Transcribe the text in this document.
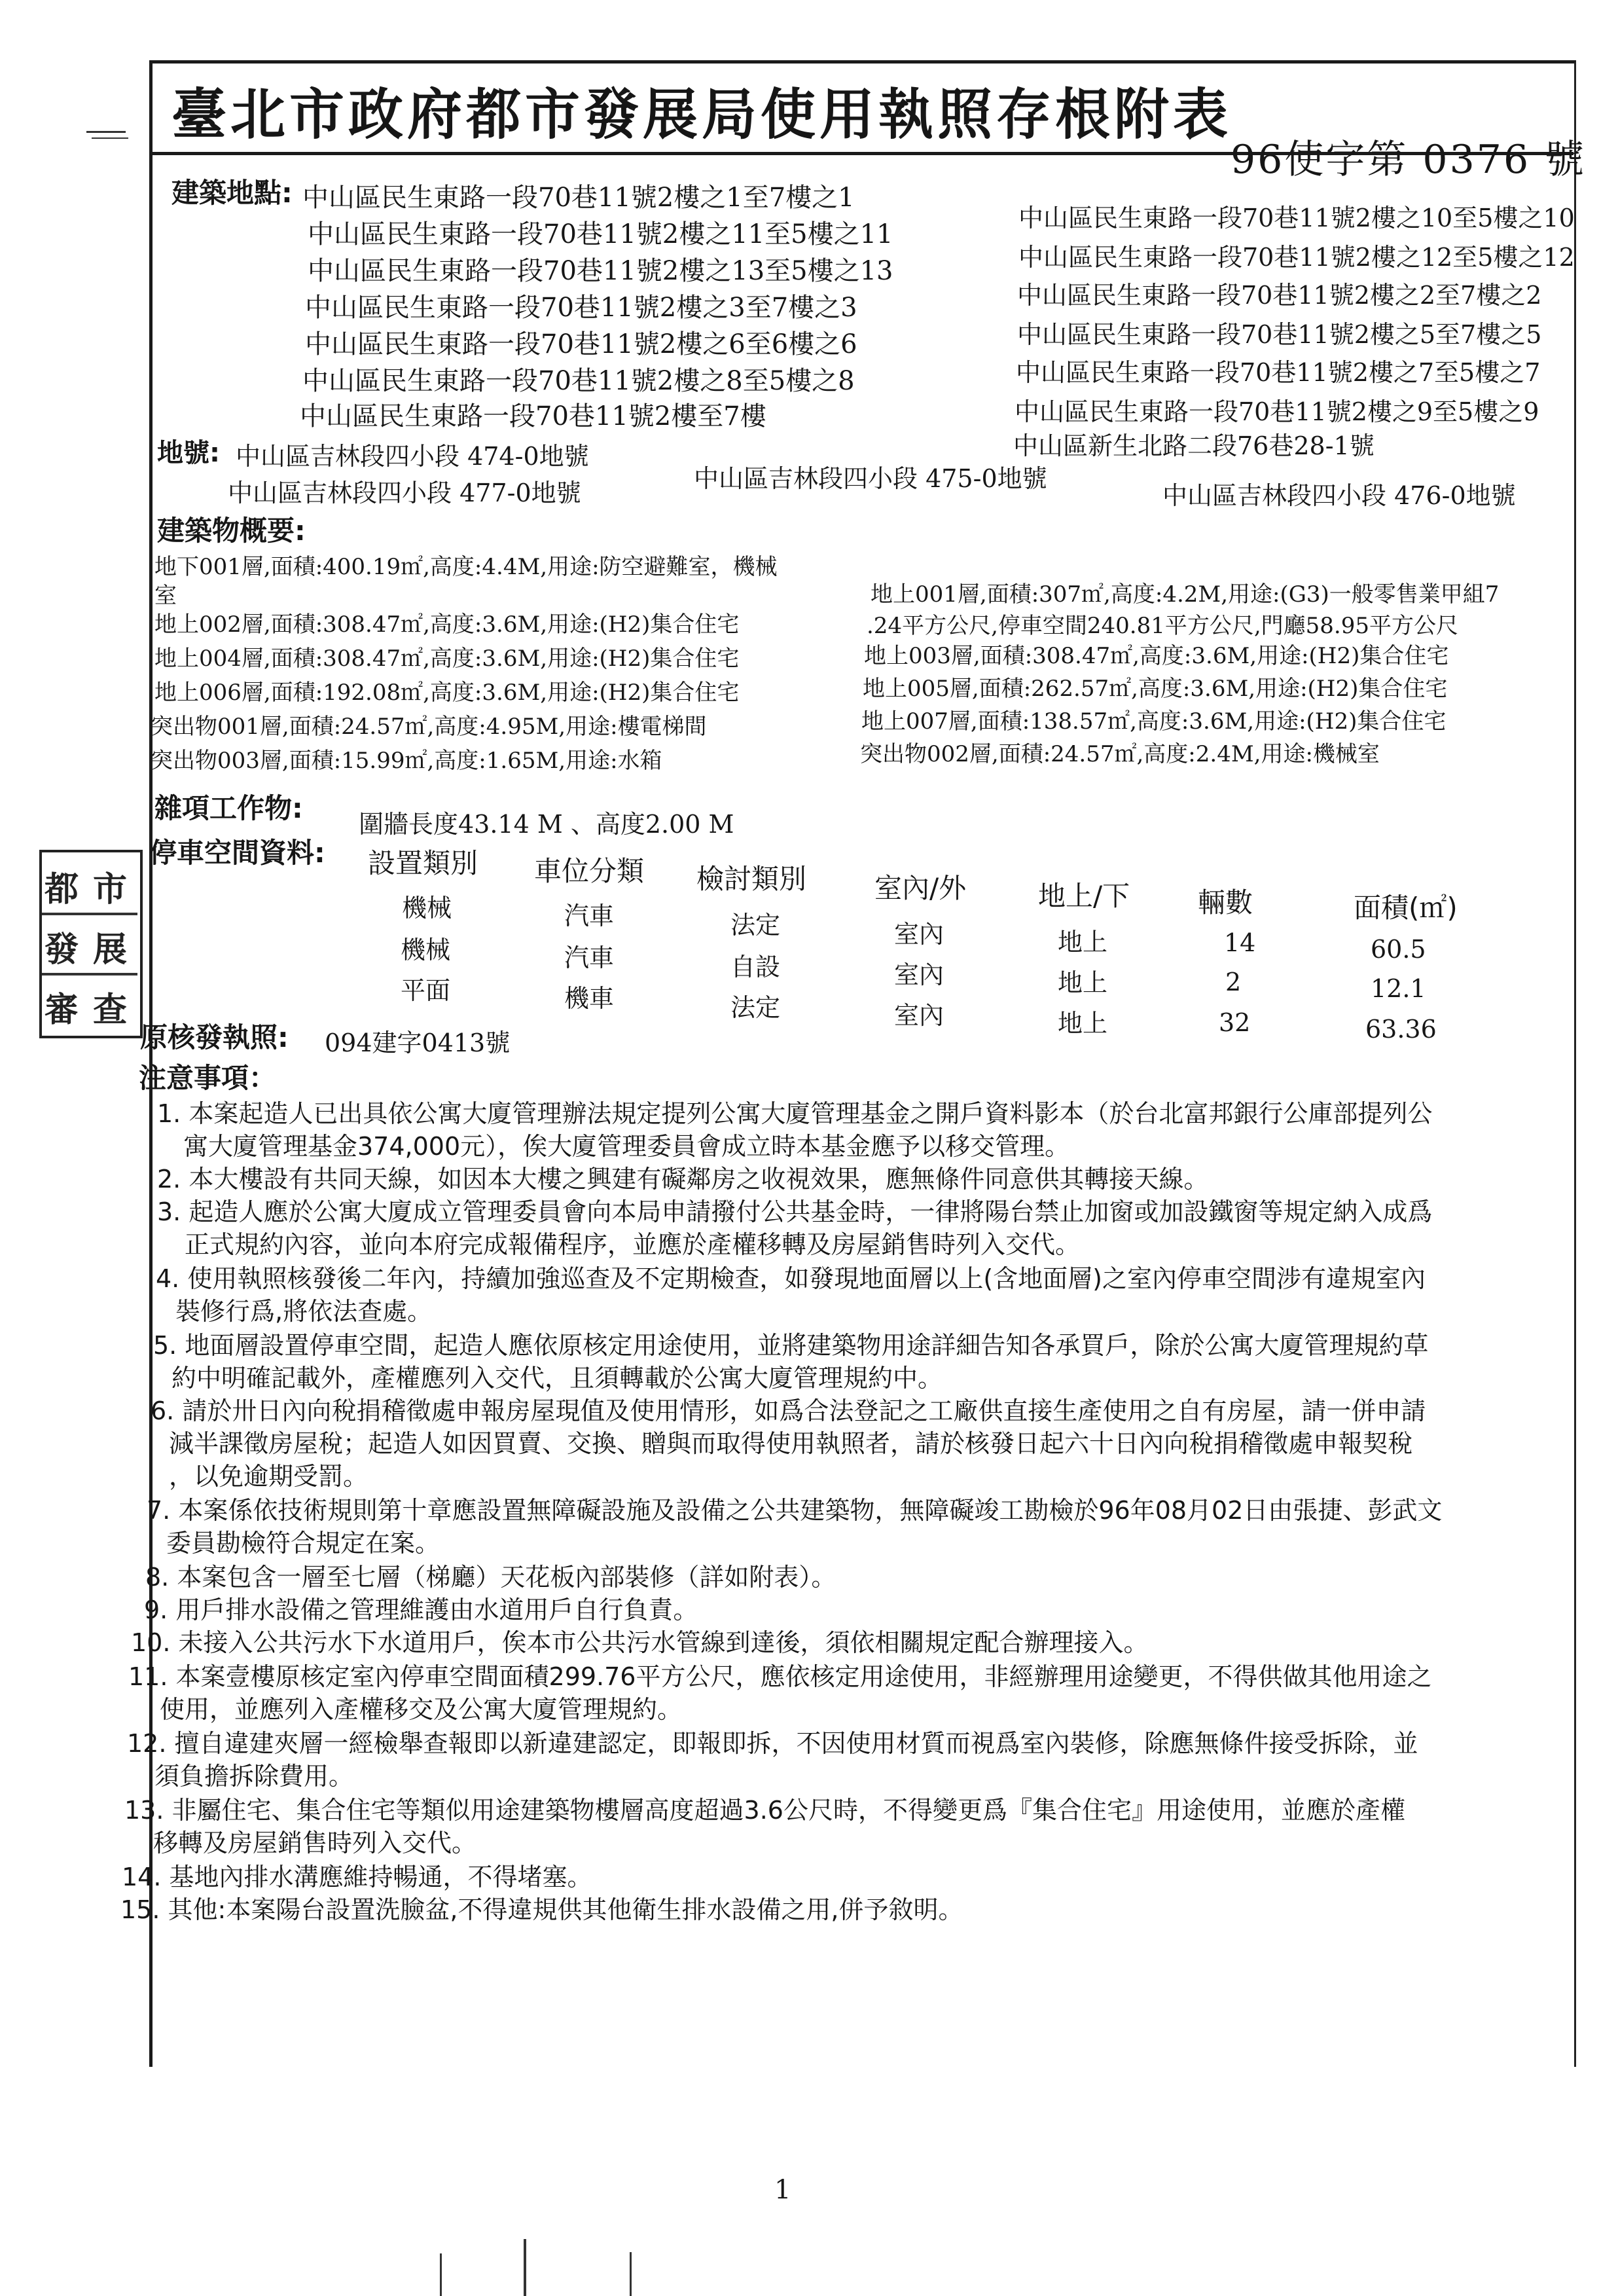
臺北市政府都市發展局使用執照存根附表
96使字第 0376 號
建築地點: 中山區民生東路一段70巷11號2樓之1至7樓之1
中山區民生東路一段70巷11號2樓之11至5樓之11
中山區民生東路一段70巷11號2樓之13至5樓之13
中山區民生東路一段70巷11號2樓之3至7樓之3
中山區民生東路一段70巷11號2樓之6至6樓之6
中山區民生東路一段70巷11號2樓之8至5樓之8
中山區民生東路一段70巷11號2樓至7樓
中山區民生東路一段70巷11號2樓之10至5樓之10
中山區民生東路一段70巷11號2樓之12至5樓之12
中山區民生東路一段70巷11號2樓之2至7樓之2
中山區民生東路一段70巷11號2樓之5至7樓之5
中山區民生東路一段70巷11號2樓之7至5樓之7
中山區民生東路一段70巷11號2樓之9至5樓之9
中山區新生北路二段76巷28-1號
地號: 中山區吉林段四小段 474-0地號
中山區吉林段四小段 475-0地號
中山區吉林段四小段 477-0地號	中山區吉林段四小段 476-0地號
建築物概要:
地下001層,面積:400.19㎡,高度:4.4M,用途:防空避難室，機械
室
地上002層,面積:308.47㎡,高度:3.6M,用途:(H2)集合住宅
地上004層,面積:308.47㎡,高度:3.6M,用途:(H2)集合住宅
地上006層,面積:192.08㎡,高度:3.6M,用途:(H2)集合住宅
突出物001層,面積:24.57㎡,高度:4.95M,用途:樓電梯間
突出物003層,面積:15.99㎡,高度:1.65M,用途:水箱
地上001層,面積:307㎡,高度:4.2M,用途:(G3)一般零售業甲組7
.24平方公尺,停車空間240.81平方公尺,門廳58.95平方公尺
地上003層,面積:308.47㎡,高度:3.6M,用途:(H2)集合住宅
地上005層,面積:262.57㎡,高度:3.6M,用途:(H2)集合住宅
地上007層,面積:138.57㎡,高度:3.6M,用途:(H2)集合住宅
突出物002層,面積:24.57㎡,高度:2.4M,用途:機械室
雜項工作物: 圍牆長度43.14 M 、高度2.00 M
停車空間資料: 設置類別 車位分類 檢討類別 室內/外	地上/下 輛數	面積(㎡)
機械	汽車	法定	室內	地上	14	60.5
機械	汽車	自設	室內	地上	2	12.1
平面	機車	法定	室內	地上	32	63.36
都 市
發 展
審 查
原核發執照: 094建字0413號
注意事項：
1. 本案起造人已出具依公寓大廈管理辦法規定提列公寓大廈管理基金之開戶資料影本（於台北富邦銀行公庫部提列公
寓大廈管理基金374,000元），俟大廈管理委員會成立時本基金應予以移交管理。
2. 本大樓設有共同天線，如因本大樓之興建有礙鄰房之收視效果，應無條件同意供其轉接天線。
3. 起造人應於公寓大廈成立管理委員會向本局申請撥付公共基金時，一律將陽台禁止加窗或加設鐵窗等規定納入成爲
正式規約內容，並向本府完成報備程序，並應於產權移轉及房屋銷售時列入交代。
4. 使用執照核發後二年內，持續加強巡查及不定期檢查，如發現地面層以上(含地面層)之室內停車空間涉有違規室內
裝修行爲,將依法查處。
5. 地面層設置停車空間，起造人應依原核定用途使用，並將建築物用途詳細告知各承買戶，除於公寓大廈管理規約草
約中明確記載外，產權應列入交代，且須轉載於公寓大廈管理規約中。
6. 請於卅日內向稅捐稽徵處申報房屋現值及使用情形，如爲合法登記之工廠供直接生產使用之自有房屋，請一併申請
減半課徵房屋稅；起造人如因買賣、交換、贈與而取得使用執照者，請於核發日起六十日內向稅捐稽徵處申報契稅
，以免逾期受罰。
7. 本案係依技術規則第十章應設置無障礙設施及設備之公共建築物，無障礙竣工勘檢於96年08月02日由張捷、彭武文
委員勘檢符合規定在案。
8. 本案包含一層至七層（梯廳）天花板內部裝修（詳如附表）。
9. 用戶排水設備之管理維護由水道用戶自行負責。
10. 未接入公共污水下水道用戶，俟本市公共污水管線到達後，須依相關規定配合辦理接入。
11. 本案壹樓原核定室內停車空間面積299.76平方公尺，應依核定用途使用，非經辦理用途變更，不得供做其他用途之
使用，並應列入產權移交及公寓大廈管理規約。
12. 擅自違建夾層一經檢舉查報即以新違建認定，即報即拆，不因使用材質而視爲室內裝修，除應無條件接受拆除，並
須負擔拆除費用。
13. 非屬住宅、集合住宅等類似用途建築物樓層高度超過3.6公尺時，不得變更爲『集合住宅』用途使用，並應於產權
移轉及房屋銷售時列入交代。
14. 基地內排水溝應維持暢通，不得堵塞。
15. 其他:本案陽台設置洗臉盆,不得違規供其他衛生排水設備之用,併予敘明。
1
